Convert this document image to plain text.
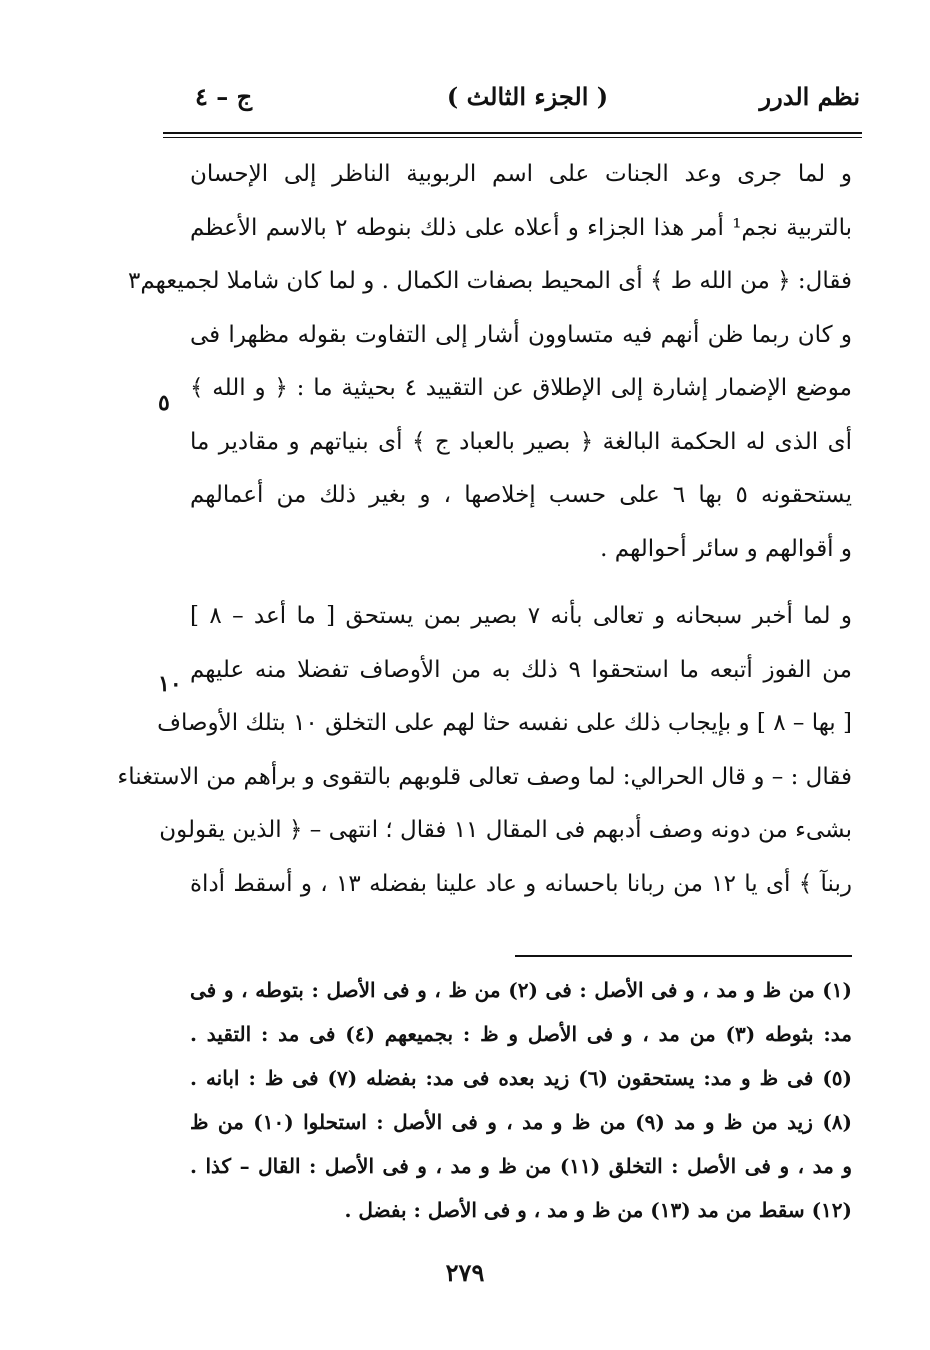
نظم الدرر
( الجزء الثالث )
ج – ٤
و لما جرى وعد الجنات على اسم الربوبية الناظر إلى الإحسان
بالتربية نجم¹ أمر هذا الجزاء و أعلاه على ذلك بنوطه ٢ بالاسم الأعظم
فقال: ﴿ من الله ط ﴾ أى المحيط بصفات الكمال . و لما كان شاملا لجميعهم٣
و كان ربما ظن أنهم فيه متساوون أشار إلى التفاوت بقوله مظهرا فى
موضع الإضمار إشارة إلى الإطلاق عن التقييد ٤ بحيثية ما : ﴿ و الله ﴾
أى الذى له الحكمة البالغة ﴿ بصير بالعباد ج ﴾ أى بنياتهم و مقادير ما
يستحقونه ٥ بها ٦ على حسب إخلاصها ، و بغير ذلك من أعمالهم
و أقوالهم و سائر أحوالهم .
و لما أخبر سبحانه و تعالى بأنه ٧ بصير بمن يستحق [ ما أعد – ٨ ]
من الفوز أتبعه ما استحقوا ٩ ذلك به من الأوصاف تفضلا منه عليهم
[ بها – ٨ ] و بإيجاب ذلك على نفسه حثا لهم على التخلق ١٠ بتلك الأوصاف
فقال : – و قال الحرالي: لما وصف تعالى قلوبهم بالتقوى و برأهم من الاستغناء
بشىء من دونه وصف أدبهم فى المقال ١١ فقال ؛ انتهى – ﴿ الذين يقولون
ربنآ ﴾ أى يا ١٢ من ربانا باحسانه و عاد علينا بفضله ١٣ ، و أسقط أداة
٥
١٠
(١) من ظ و مد ، و فى الأصل : فى (٢) من ظ ، و فى الأصل : بتوطه ، و فى
مد: بثوطه (٣) من مد ، و فى الأصل و ظ : بجميعهم (٤) فى مد : التقيد .
(٥) فى ظ و مد: يستحقون (٦) زيد بعده فى مد: بفضله (٧) فى ظ : ابانه .
(٨) زيد من ظ و مد (٩) من ظ و مد ، و فى الأصل : استحلوا (١٠) من ظ
و مد ، و فى الأصل : التخلق (١١) من ظ و مد ، و فى الأصل : القال – كذا .
(١٢) سقط من مد (١٣) من ظ و مد ، و فى الأصل : بفضل .
٢٧٩
